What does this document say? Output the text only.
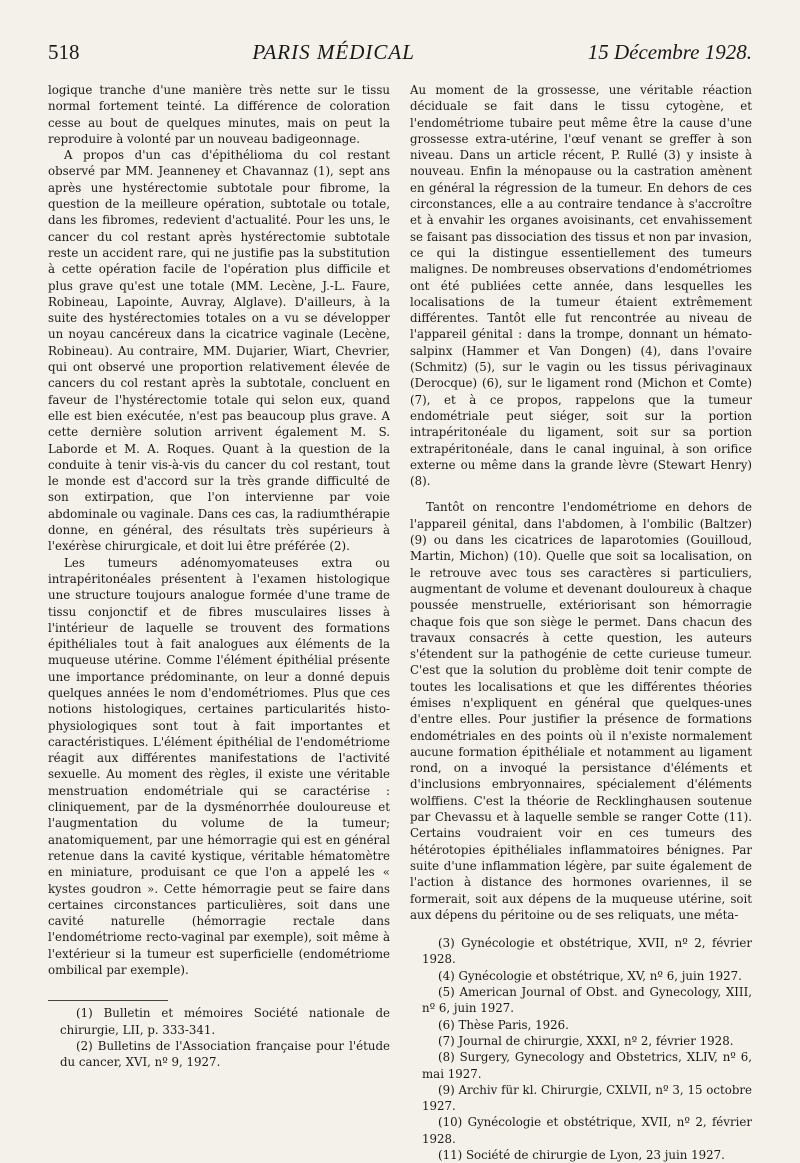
518	PARIS MÉDICAL	15 Décembre 1928.

logique tranche d'une manière très nette sur le tissu normal fortement teinté. La différence de coloration cesse au bout de quelques minutes, mais on peut la reproduire à volonté par un nouveau badigeonnage.

A propos d'un cas d'épithélioma du col restant observé par MM. Jeanneney et Chavannaz (1), sept ans après une hystérectomie subtotale pour fibrome, la question de la meilleure opération, subtotale ou totale, dans les fibromes, redevient d'actualité. Pour les uns, le cancer du col restant après hystérectomie subtotale reste un accident rare, qui ne justifie pas la substitution à cette opération facile de l'opération plus difficile et plus grave qu'est une totale (MM. Lecène, J.-L. Faure, Robineau, Lapointe, Auvray, Alglave). D'ailleurs, à la suite des hystérectomies totales on a vu se développer un noyau cancéreux dans la cicatrice vaginale (Lecène, Robineau). Au contraire, MM. Dujarier, Wiart, Chevrier, qui ont observé une proportion relativement élevée de cancers du col restant après la subtotale, concluent en faveur de l'hystérectomie totale qui selon eux, quand elle est bien exécutée, n'est pas beaucoup plus grave. A cette dernière solution arrivent également M. S. Laborde et M. A. Roques. Quant à la question de la conduite à tenir vis-à-vis du cancer du col restant, tout le monde est d'accord sur la très grande difficulté de son extirpation, que l'on intervienne par voie abdominale ou vaginale. Dans ces cas, la radiumthérapie donne, en général, des résultats très supérieurs à l'exérèse chirurgicale, et doit lui être préférée (2).

Les tumeurs adénomyomateuses extra ou intrapéritonéales présentent à l'examen histologique une structure toujours analogue formée d'une trame de tissu conjonctif et de fibres musculaires lisses à l'intérieur de laquelle se trouvent des formations épithéliales tout à fait analogues aux éléments de la muqueuse utérine. Comme l'élément épithélial présente une importance prédominante, on leur a donné depuis quelques années le nom d'endométriomes. Plus que ces notions histologiques, certaines particularités histo-physiologiques sont tout à fait importantes et caractéristiques. L'élément épithélial de l'endométriome réagit aux différentes manifestations de l'activité sexuelle. Au moment des règles, il existe une véritable menstruation endométriale qui se caractérise : cliniquement, par de la dysménorrhée douloureuse et l'augmentation du volume de la tumeur; anatomiquement, par une hémorragie qui est en général retenue dans la cavité kystique, véritable hématomètre en miniature, produisant ce que l'on a appelé les « kystes goudron ». Cette hémorragie peut se faire dans certaines circonstances particulières, soit dans une cavité naturelle (hémorragie rectale dans l'endométriome recto-vaginal par exemple), soit même à l'extérieur si la tumeur est superficielle (endométriome ombilical par exemple).

(1) Bulletin et mémoires Société nationale de chirurgie, LII, p. 333-341.

(2) Bulletins de l'Association française pour l'étude du cancer, XVI, nº 9, 1927.

Au moment de la grossesse, une véritable réaction déciduale se fait dans le tissu cytogène, et l'endométriome tubaire peut même être la cause d'une grossesse extra-utérine, l'œuf venant se greffer à son niveau. Dans un article récent, P. Rullé (3) y insiste à nouveau. Enfin la ménopause ou la castration amènent en général la régression de la tumeur. En dehors de ces circonstances, elle a au contraire tendance à s'accroître et à envahir les organes avoisinants, cet envahissement se faisant pas dissociation des tissus et non par invasion, ce qui la distingue essentiellement des tumeurs malignes. De nombreuses observations d'endométriomes ont été publiées cette année, dans lesquelles les localisations de la tumeur étaient extrêmement différentes. Tantôt elle fut rencontrée au niveau de l'appareil génital : dans la trompe, donnant un hémato-salpinx (Hammer et Van Dongen) (4), dans l'ovaire (Schmitz) (5), sur le vagin ou les tissus périvaginaux (Derocque) (6), sur le ligament rond (Michon et Comte) (7), et à ce propos, rappelons que la tumeur endométriale peut siéger, soit sur la portion intrapéritonéale du ligament, soit sur sa portion extrapéritonéale, dans le canal inguinal, à son orifice externe ou même dans la grande lèvre (Stewart Henry) (8).

Tantôt on rencontre l'endométriome en dehors de l'appareil génital, dans l'abdomen, à l'ombilic (Baltzer) (9) ou dans les cicatrices de laparotomies (Gouilloud, Martin, Michon) (10). Quelle que soit sa localisation, on le retrouve avec tous ses caractères si particuliers, augmentant de volume et devenant douloureux à chaque poussée menstruelle, extériorisant son hémorragie chaque fois que son siège le permet. Dans chacun des travaux consacrés à cette question, les auteurs s'étendent sur la pathogénie de cette curieuse tumeur. C'est que la solution du problème doit tenir compte de toutes les localisations et que les différentes théories émises n'expliquent en général que quelques-unes d'entre elles. Pour justifier la présence de formations endométriales en des points où il n'existe normalement aucune formation épithéliale et notamment au ligament rond, on a invoqué la persistance d'éléments et d'inclusions embryonnaires, spécialement d'éléments wolffiens. C'est la théorie de Recklinghausen soutenue par Chevassu et à laquelle semble se ranger Cotte (11). Certains voudraient voir en ces tumeurs des hétérotopies épithéliales inflammatoires bénignes. Par suite d'une inflammation légère, par suite également de l'action à distance des hormones ovariennes, il se formerait, soit aux dépens de la muqueuse utérine, soit aux dépens du péritoine ou de ses reliquats, une méta-

(3) Gynécologie et obstétrique, XVII, nº 2, février 1928.

(4) Gynécologie et obstétrique, XV, nº 6, juin 1927.

(5) American Journal of Obst. and Gynecology, XIII, nº 6, juin 1927.

(6) Thèse Paris, 1926.

(7) Journal de chirurgie, XXXI, nº 2, février 1928.

(8) Surgery, Gynecology and Obstetrics, XLIV, nº 6, mai 1927.

(9) Archiv für kl. Chirurgie, CXLVII, nº 3, 15 octobre 1927.

(10) Gynécologie et obstétrique, XVII, nº 2, février 1928.

(11) Société de chirurgie de Lyon, 23 juin 1927.
